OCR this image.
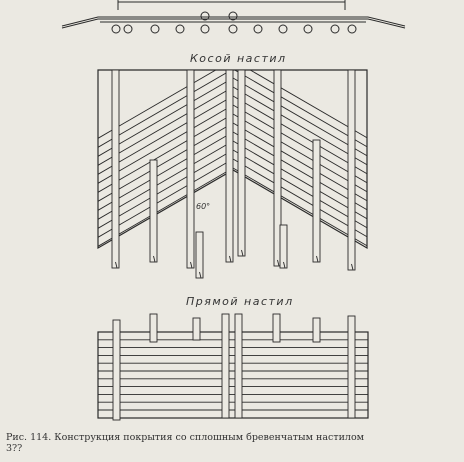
Косой настил
Прямой настил
60°
Рис. 114. Конструкция покрытия со сплошным бревенчатым настилом
3??
